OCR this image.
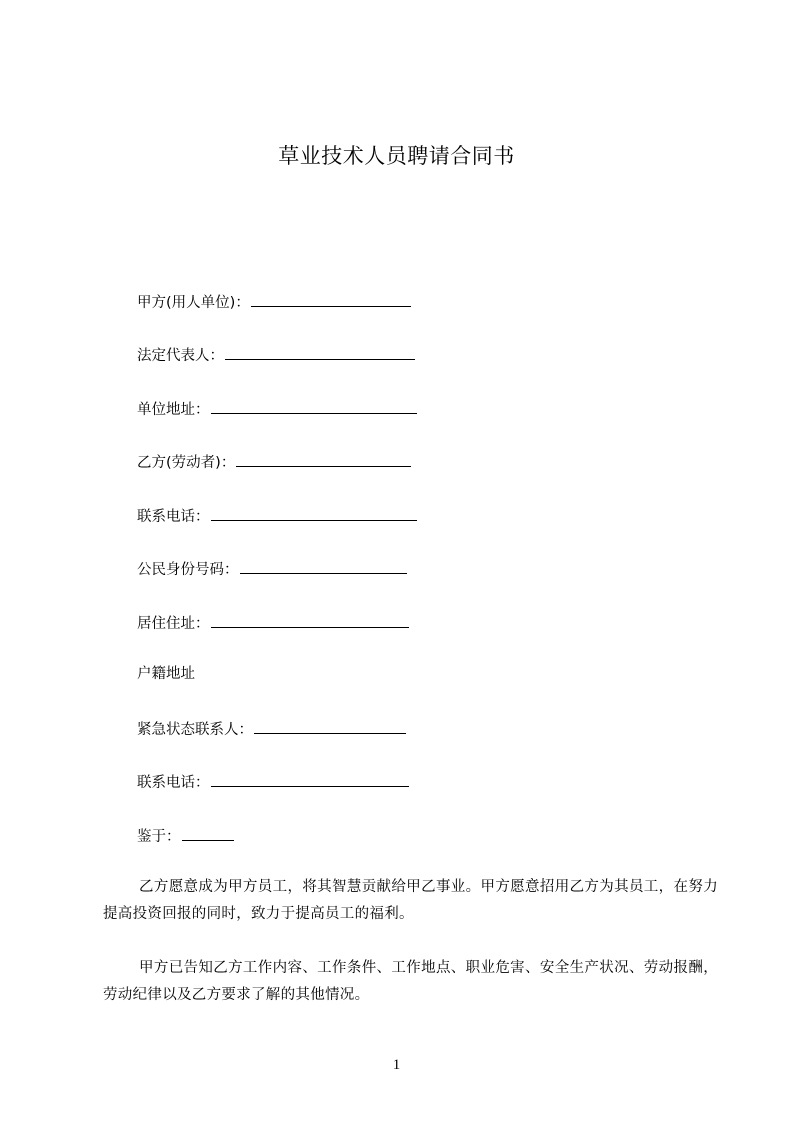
草业技术人员聘请合同书
甲方(用人单位)：
法定代表人：
单位地址：
乙方(劳动者)：
联系电话：
公民身份号码：
居住住址：
户籍地址
紧急状态联系人：
联系电话：
鉴于：
乙方愿意成为甲方员工，将其智慧贡献给甲乙事业。甲方愿意招用乙方为其员工，在努力提高投资回报的同时，致力于提高员工的福利。
甲方已告知乙方工作内容、工作条件、工作地点、职业危害、安全生产状况、劳动报酬，劳动纪律以及乙方要求了解的其他情况。
1
